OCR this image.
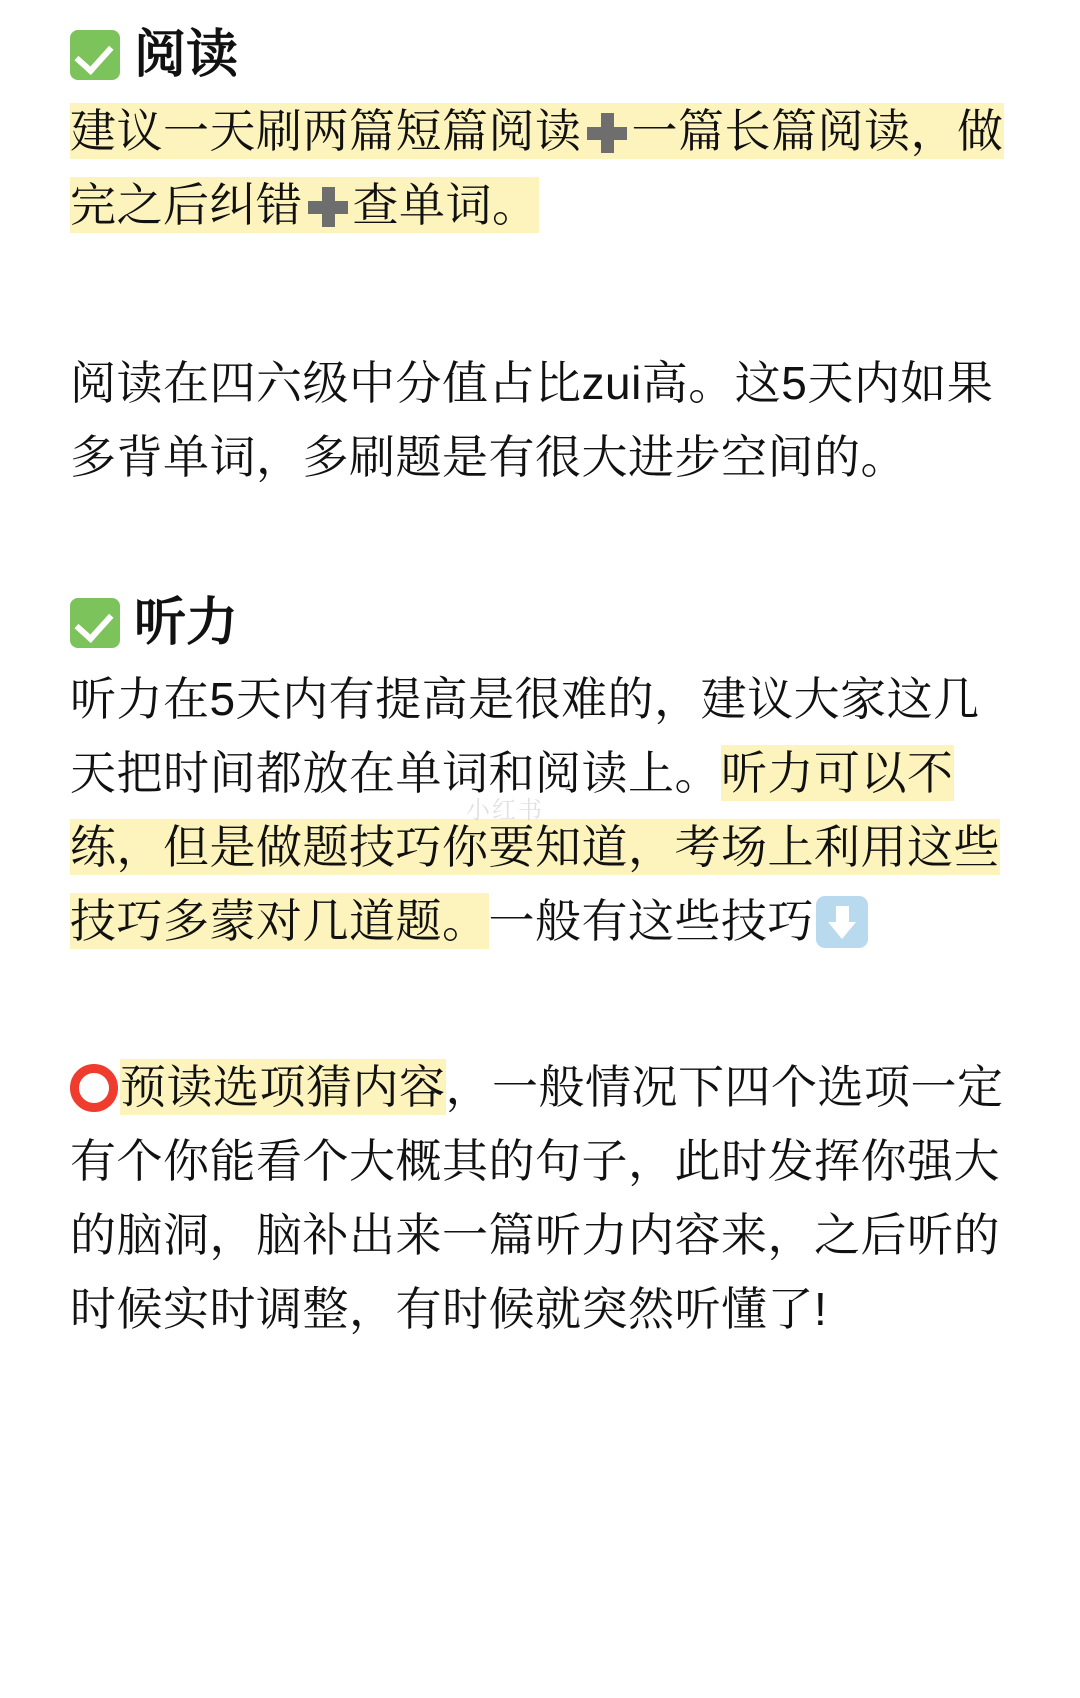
小红书
阅读

建议一天刷两篇短篇阅读 一篇长篇阅读，做完之后纠错 查单词。

阅读在四六级中分值占比zui高。这5天内如果多背单词，多刷题是有很大进步空间的。

听力

听力在5天内有提高是很难的，建议大家这几天把时间都放在单词和阅读上。听力可以不练，但是做题技巧你要知道，考场上利用这些技巧多蒙对几道题。一般有这些技巧

预读选项猜内容，一般情况下四个选项一定有个你能看个大概其的句子，此时发挥你强大的脑洞，脑补出来一篇听力内容来，之后听的时候实时调整，有时候就突然听懂了!
